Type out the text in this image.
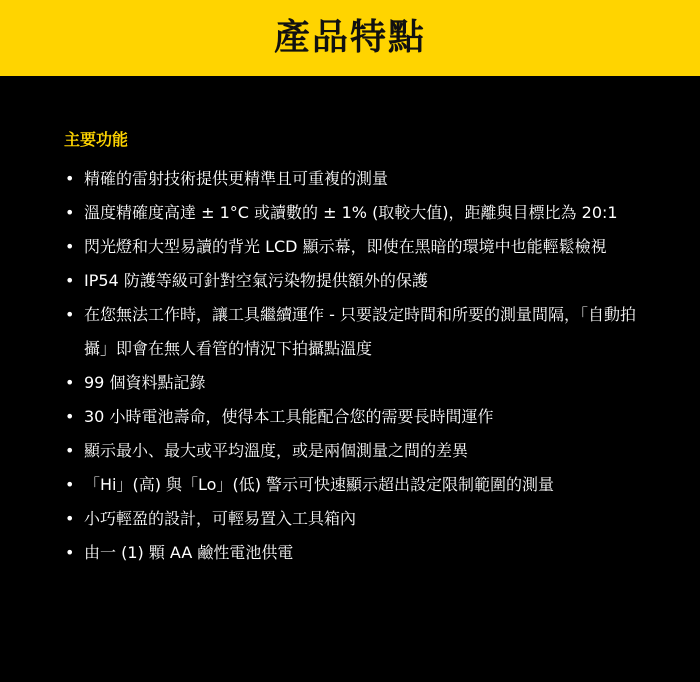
產品特點
主要功能
• 精確的雷射技術提供更精準且可重複的測量
• 溫度精確度高達 ± 1°C 或讀數的 ± 1% (取較大值)，距離與目標比為 20:1
• 閃光燈和大型易讀的背光 LCD 顯示幕，即使在黑暗的環境中也能輕鬆檢視
• IP54 防護等級可針對空氣污染物提供額外的保護
• 在您無法工作時，讓工具繼續運作 - 只要設定時間和所要的測量間隔，「自動拍攝」即會在無人看管的情況下拍攝點溫度
• 99 個資料點記錄
• 30 小時電池壽命，使得本工具能配合您的需要長時間運作
• 顯示最小、最大或平均溫度，或是兩個測量之間的差異
• 「Hi」(高) 與「Lo」(低) 警示可快速顯示超出設定限制範圍的測量
• 小巧輕盈的設計，可輕易置入工具箱內
• 由一 (1) 顆 AA 鹼性電池供電
